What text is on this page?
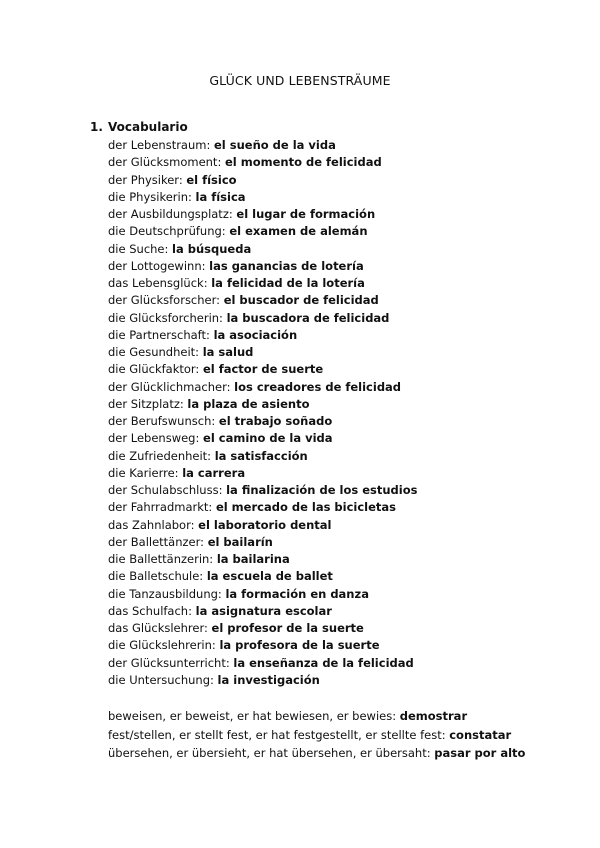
GLÜCK UND LEBENSTRÄUME
1. Vocabulario
der Lebenstraum: el sueño de la vida
der Glücksmoment: el momento de felicidad
der Physiker: el físico
die Physikerin: la física
der Ausbildungsplatz: el lugar de formación
die Deutschprüfung: el examen de alemán
die Suche: la búsqueda
der Lottogewinn: las ganancias de lotería
das Lebensglück: la felicidad de la lotería
der Glücksforscher: el buscador de felicidad
die Glücksforcherin: la buscadora de felicidad
die Partnerschaft: la asociación
die Gesundheit: la salud
die Glückfaktor: el factor de suerte
der Glücklichmacher: los creadores de felicidad
der Sitzplatz: la plaza de asiento
der Berufswunsch: el trabajo soñado
der Lebensweg: el camino de la vida
die Zufriedenheit: la satisfacción
die Karierre: la carrera
der Schulabschluss: la finalización de los estudios
der Fahrradmarkt: el mercado de las bicicletas
das Zahnlabor: el laboratorio dental
der Ballettänzer: el bailarín
die Ballettänzerin: la bailarina
die Balletschule: la escuela de ballet
die Tanzausbildung: la formación en danza
das Schulfach: la asignatura escolar
das Glückslehrer: el profesor de la suerte
die Glückslehrerin: la profesora de la suerte
der Glücksunterricht: la enseñanza de la felicidad
die Untersuchung: la investigación
beweisen, er beweist, er hat bewiesen, er bewies: demostrar
fest/stellen, er stellt fest, er hat festgestellt, er stellte fest: constatar
übersehen, er übersieht, er hat übersehen, er übersaht: pasar por alto
